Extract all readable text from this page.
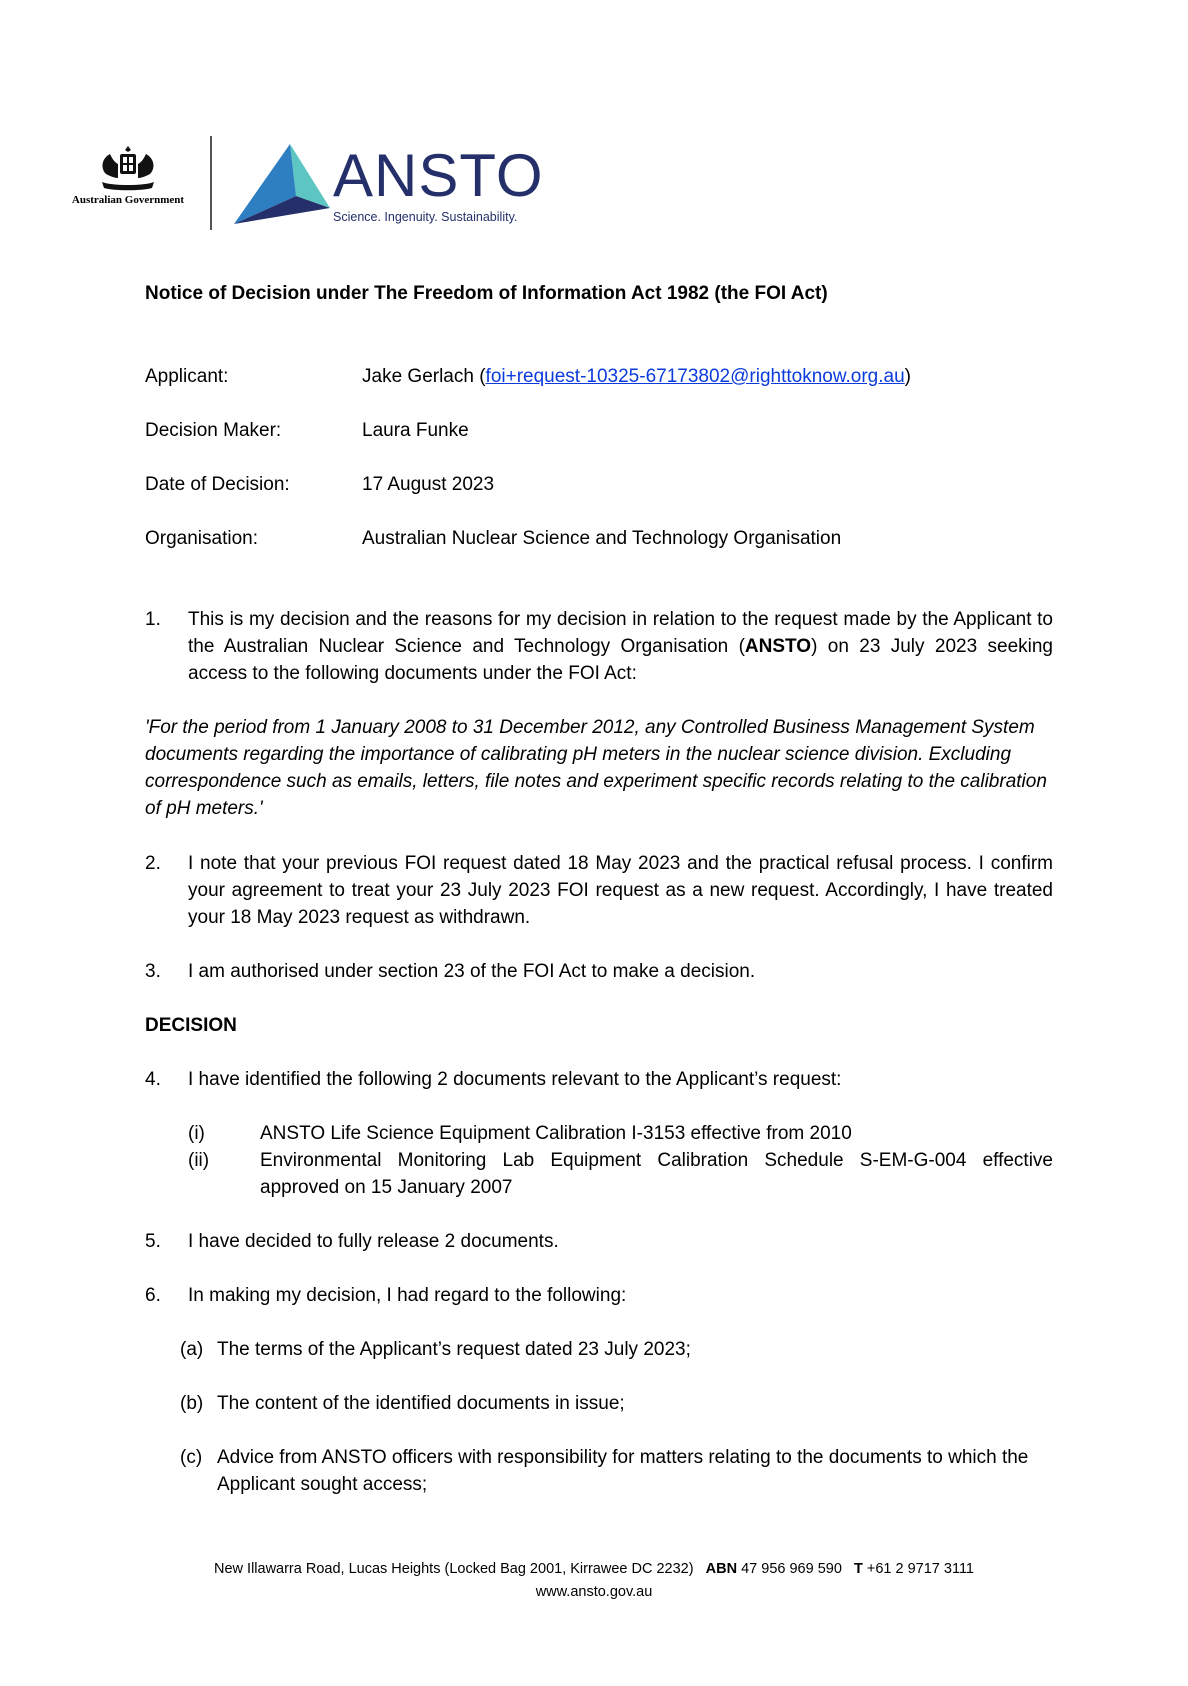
Australian Government ANSTO
Science. Ingenuity. Sustainability.
Notice of Decision under The Freedom of Information Act 1982 (the FOI Act)
Applicant:	Jake Gerlach (foi+request-10325-67173802@righttoknow.org.au)
Decision Maker:	Laura Funke
Date of Decision:	17 August 2023
Organisation:	Australian Nuclear Science and Technology Organisation
1. This is my decision and the reasons for my decision in relation to the request made by the Applicant to the Australian Nuclear Science and Technology Organisation (ANSTO) on 23 July 2023 seeking access to the following documents under the FOI Act:
'For the period from 1 January 2008 to 31 December 2012, any Controlled Business Management System documents regarding the importance of calibrating pH meters in the nuclear science division. Excluding correspondence such as emails, letters, file notes and experiment specific records relating to the calibration of pH meters.'
2. I note that your previous FOI request dated 18 May 2023 and the practical refusal process. I confirm your agreement to treat your 23 July 2023 FOI request as a new request. Accordingly, I have treated your 18 May 2023 request as withdrawn.
3. I am authorised under section 23 of the FOI Act to make a decision.
DECISION
4. I have identified the following 2 documents relevant to the Applicant’s request:
(i)	ANSTO Life Science Equipment Calibration I-3153 effective from 2010
(ii)	Environmental Monitoring Lab Equipment Calibration Schedule S-EM-G-004 effective approved on 15 January 2007
5. I have decided to fully release 2 documents.
6. In making my decision, I had regard to the following:
(a) The terms of the Applicant’s request dated 23 July 2023;
(b) The content of the identified documents in issue;
(c) Advice from ANSTO officers with responsibility for matters relating to the documents to which the Applicant sought access;
New Illawarra Road, Lucas Heights (Locked Bag 2001, Kirrawee DC 2232) ABN 47 956 969 590 T +61 2 9717 3111
www.ansto.gov.au
